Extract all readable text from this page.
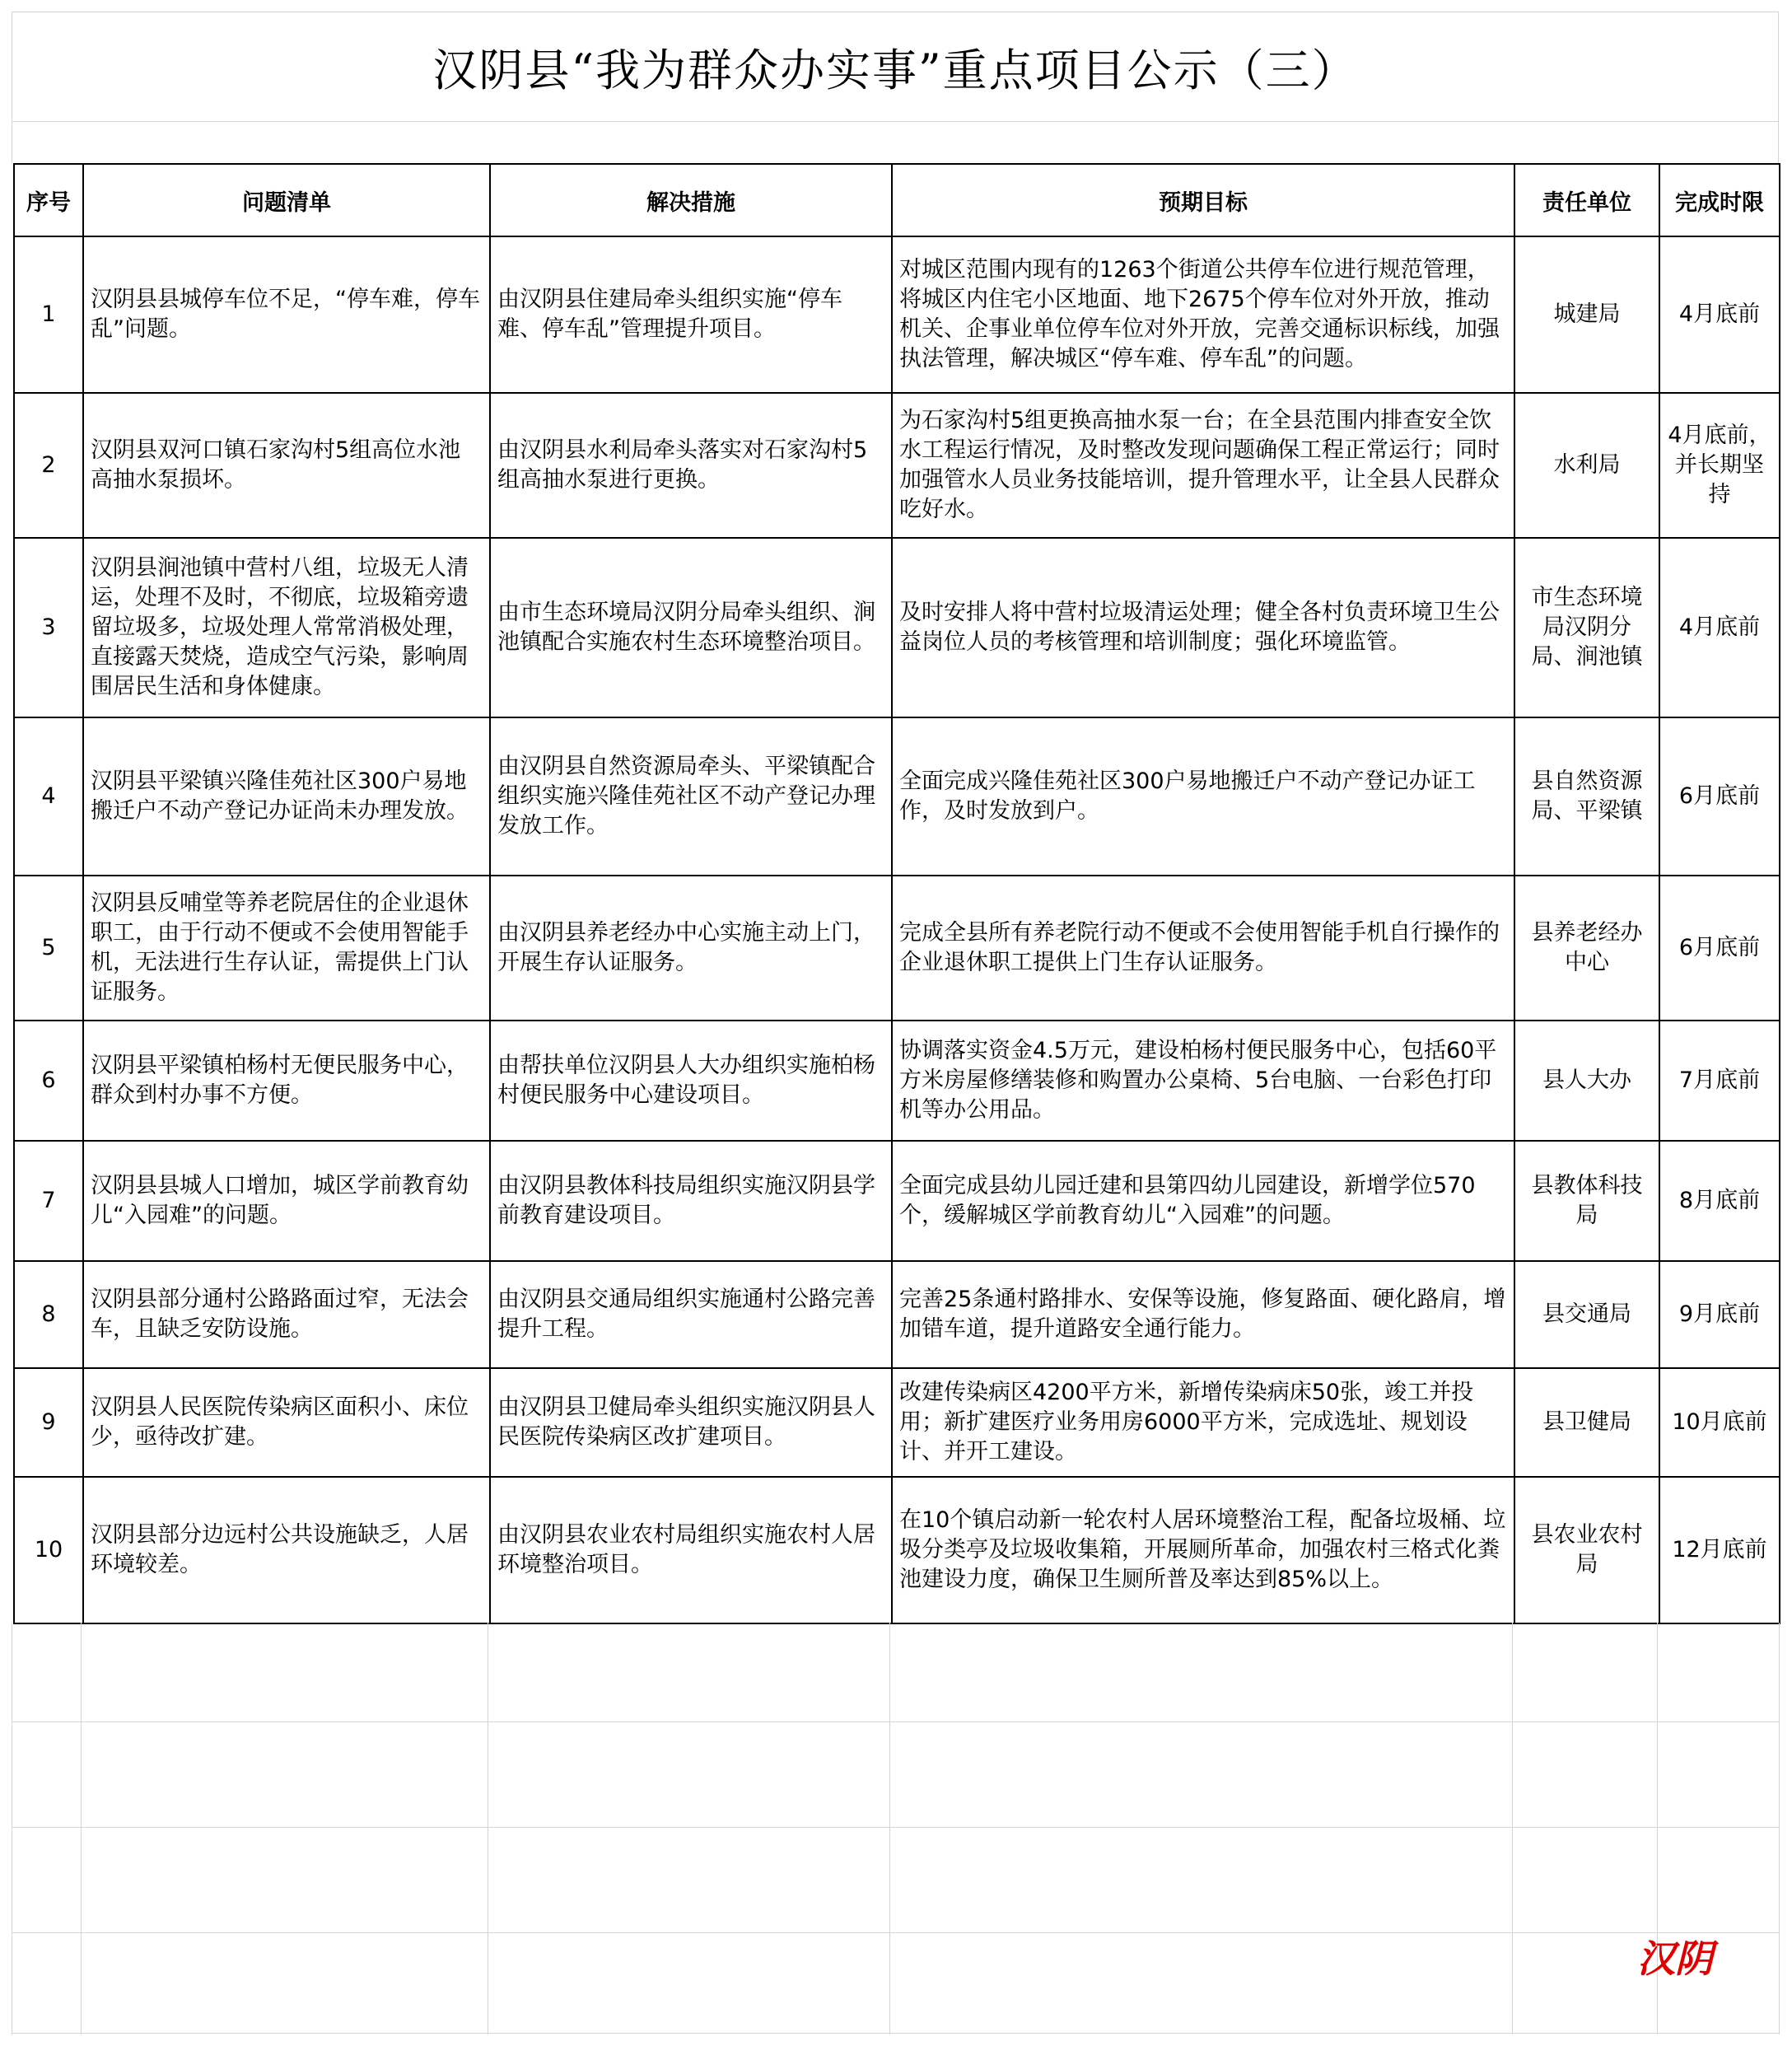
汉阴县“我为群众办实事”重点项目公示（三）
序号	问题清单	解决措施	预期目标	责任单位	完成时限
1	汉阴县县城停车位不足，“停车难，停车乱”问题。	由汉阴县住建局牵头组织实施“停车难、停车乱”管理提升项目。	对城区范围内现有的1263个街道公共停车位进行规范管理，将城区内住宅小区地面、地下2675个停车位对外开放，推动机关、企事业单位停车位对外开放，完善交通标识标线，加强执法管理，解决城区“停车难、停车乱”的问题。	城建局	4月底前
2	汉阴县双河口镇石家沟村5组高位水池高抽水泵损坏。	由汉阴县水利局牵头落实对石家沟村5组高抽水泵进行更换。	为石家沟村5组更换高抽水泵一台；在全县范围内排查安全饮水工程运行情况，及时整改发现问题确保工程正常运行；同时加强管水人员业务技能培训，提升管理水平，让全县人民群众吃好水。	水利局	4月底前，并长期坚持
3	汉阴县涧池镇中营村八组，垃圾无人清运，处理不及时，不彻底，垃圾箱旁遗留垃圾多，垃圾处理人常常消极处理，直接露天焚烧，造成空气污染，影响周围居民生活和身体健康。	由市生态环境局汉阴分局牵头组织、涧池镇配合实施农村生态环境整治项目。	及时安排人将中营村垃圾清运处理；健全各村负责环境卫生公益岗位人员的考核管理和培训制度；强化环境监管。	市生态环境局汉阴分局、涧池镇	4月底前
4	汉阴县平梁镇兴隆佳苑社区300户易地搬迁户不动产登记办证尚未办理发放。	由汉阴县自然资源局牵头、平梁镇配合组织实施兴隆佳苑社区不动产登记办理发放工作。	全面完成兴隆佳苑社区300户易地搬迁户不动产登记办证工作，及时发放到户。	县自然资源局、平梁镇	6月底前
5	汉阴县反哺堂等养老院居住的企业退休职工，由于行动不便或不会使用智能手机，无法进行生存认证，需提供上门认证服务。	由汉阴县养老经办中心实施主动上门，开展生存认证服务。	完成全县所有养老院行动不便或不会使用智能手机自行操作的企业退休职工提供上门生存认证服务。	县养老经办中心	6月底前
6	汉阴县平梁镇柏杨村无便民服务中心，群众到村办事不方便。	由帮扶单位汉阴县人大办组织实施柏杨村便民服务中心建设项目。	协调落实资金4.5万元，建设柏杨村便民服务中心，包括60平方米房屋修缮装修和购置办公桌椅、5台电脑、一台彩色打印机等办公用品。	县人大办	7月底前
7	汉阴县县城人口增加，城区学前教育幼儿“入园难”的问题。	由汉阴县教体科技局组织实施汉阴县学前教育建设项目。	全面完成县幼儿园迁建和县第四幼儿园建设，新增学位570个，缓解城区学前教育幼儿“入园难”的问题。	县教体科技局	8月底前
8	汉阴县部分通村公路路面过窄，无法会车，且缺乏安防设施。	由汉阴县交通局组织实施通村公路完善提升工程。	完善25条通村路排水、安保等设施，修复路面、硬化路肩，增加错车道，提升道路安全通行能力。	县交通局	9月底前
9	汉阴县人民医院传染病区面积小、床位少，亟待改扩建。	由汉阴县卫健局牵头组织实施汉阴县人民医院传染病区改扩建项目。	改建传染病区4200平方米，新增传染病床50张，竣工并投用；新扩建医疗业务用房6000平方米，完成选址、规划设计、并开工建设。	县卫健局	10月底前
10	汉阴县部分边远村公共设施缺乏，人居环境较差。	由汉阴县农业农村局组织实施农村人居环境整治项目。	在10个镇启动新一轮农村人居环境整治工程，配备垃圾桶、垃圾分类亭及垃圾收集箱，开展厕所革命，加强农村三格式化粪池建设力度，确保卫生厕所普及率达到85%以上。	县农业农村局	12月底前
汉阴
